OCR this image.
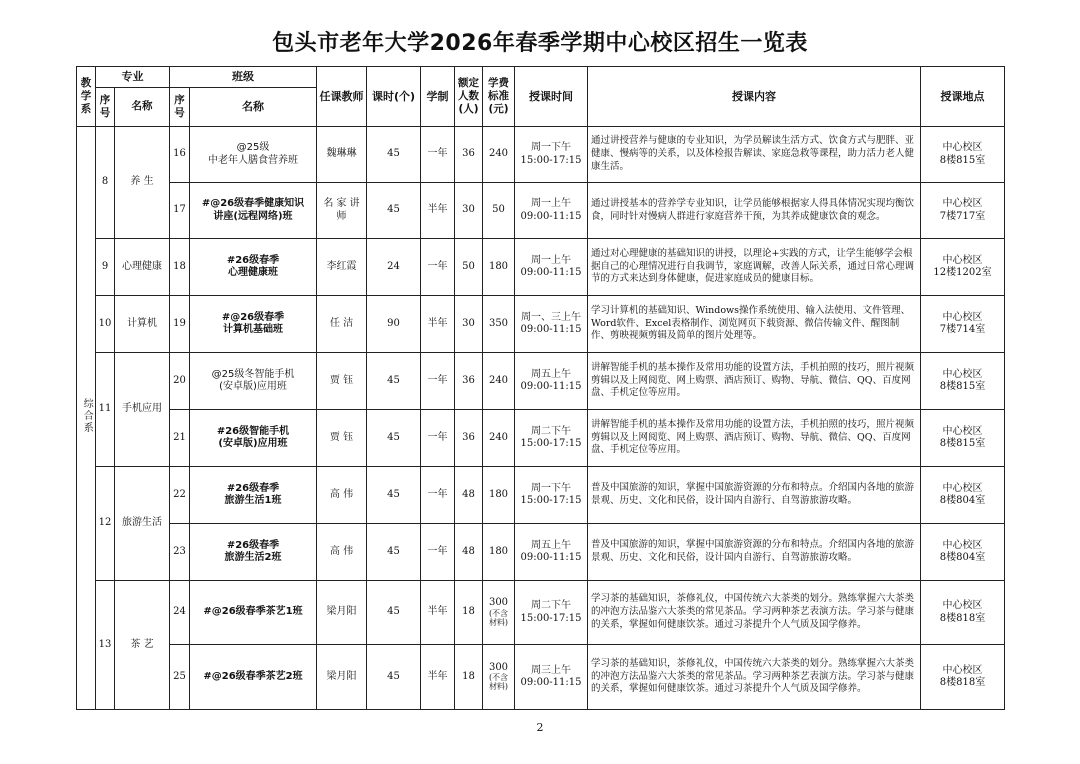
包头市老年大学2026年春季学期中心校区招生一览表
教学系	专业		班级		任课教师	课时(个)	学制	额定人数(人)	学费标准(元)	授课时间	授课内容	授课地点
	序号	名称	序号	名称								
综合系	8	养 生	16	@25级
中老年人膳食营养班	魏琳琳	45	一年	36	240	周一下午
15:00-17:15	通过讲授营养与健康的专业知识，为学员解读生活方式、饮食方式与肥胖、亚健康、慢病等的关系，以及体检报告解读、家庭急救等课程，助力活力老人健康生活。	中心校区
8楼815室

			17	#@26级春季健康知识
讲座(远程网络)班	名 家 讲 师	45	半年	30	50	周一上午
09:00-11:15	通过讲授基本的营养学专业知识，让学员能够根据家人得具体情况实现均衡饮食，同时针对慢病人群进行家庭营养干预，为其养成健康饮食的观念。	中心校区
7楼717室

	9	心理健康	18	#26级春季
心理健康班	李红霞	24	一年	50	180	周一上午
09:00-11:15	通过对心理健康的基础知识的讲授，以理论+实践的方式，让学生能够学会根据自己的心理情况进行自我调节，家庭调解，改善人际关系，通过日常心理调节的方式来达到身体健康，促进家庭成员的健康目标。	中心校区
12楼1202室

	10	计算机	19	#@26级春季
计算机基础班	任 洁	90	半年	30	350	周一、三上午
09:00-11:15	学习计算机的基础知识、Windows操作系统使用、输入法使用、文件管理、Word软件、Excel表格制作、浏览网页下载资源、微信传输文件、醒图制作、剪映视频剪辑及简单的图片处理等。	中心校区
7楼714室

	11	手机应用	20	@25级冬智能手机
(安卓版)应用班	贾 钰	45	一年	36	240	周五上午
09:00-11:15	讲解智能手机的基本操作及常用功能的设置方法，手机拍照的技巧，照片视频剪辑以及上网阅览、网上购票、酒店预订、购物、导航、微信、QQ、百度网盘、手机定位等应用。	中心校区
8楼815室

			21	#26级智能手机
(安卓版)应用班	贾 钰	45	一年	36	240	周二下午
15:00-17:15	讲解智能手机的基本操作及常用功能的设置方法，手机拍照的技巧，照片视频剪辑以及上网阅览、网上购票、酒店预订、购物、导航、微信、QQ、百度网盘、手机定位等应用。	中心校区
8楼815室

	12	旅游生活	22	#26级春季
旅游生活1班	高 伟	45	一年	48	180	周一下午
15:00-17:15	普及中国旅游的知识，掌握中国旅游资源的分布和特点。介绍国内各地的旅游景观、历史、文化和民俗，设计国内自游行、自驾游旅游攻略。	中心校区
8楼804室

			23	#26级春季
旅游生活2班	高 伟	45	一年	48	180	周五上午
09:00-11:15	普及中国旅游的知识，掌握中国旅游资源的分布和特点。介绍国内各地的旅游景观、历史、文化和民俗，设计国内自游行、自驾游旅游攻略。	中心校区
8楼804室

	13	茶 艺	24	#@26级春季茶艺1班	梁月阳	45	半年	18	300
(不含材料)	周二下午
15:00-17:15	学习茶的基础知识，茶修礼仪，中国传统六大茶类的划分。熟练掌握六大茶类的冲泡方法品鉴六大茶类的常见茶品。学习两种茶艺表演方法。学习茶与健康的关系，掌握如何健康饮茶。通过习茶提升个人气质及国学修养。	中心校区
8楼818室

			25	#@26级春季茶艺2班	梁月阳	45	半年	18	300
(不含材料)	周三上午
09:00-11:15	学习茶的基础知识，茶修礼仪，中国传统六大茶类的划分。熟练掌握六大茶类的冲泡方法品鉴六大茶类的常见茶品。学习两种茶艺表演方法。学习茶与健康的关系，掌握如何健康饮茶。通过习茶提升个人气质及国学修养。	中心校区
8楼818室
2
